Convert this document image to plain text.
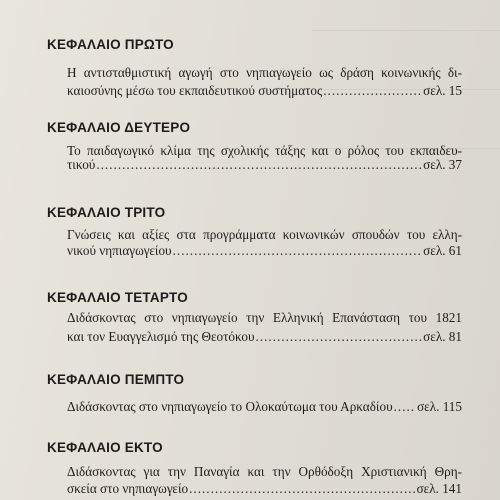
ΚΕΦΑΛΑΙΟ ΠΡΩΤΟ
Η αντισταθμιστική αγωγή στο νηπιαγωγείο ως δράση κοινωνικής δι-
καιοσύνης μέσω του εκπαιδευτικού συστήματος .....	σελ. 15
ΚΕΦΑΛΑΙΟ ΔΕΥΤΕΡΟ
Το παιδαγωγικό κλίμα της σχολικής τάξης και ο ρόλος του εκπαιδευ-
τικού .....	σελ. 37
ΚΕΦΑΛΑΙΟ ΤΡΙΤΟ
Γνώσεις και αξίες στα προγράμματα κοινωνικών σπουδών του ελλη-
νικού νηπιαγωγείου .....	σελ. 61
ΚΕΦΑΛΑΙΟ ΤΕΤΑΡΤΟ
Διδάσκοντας στο νηπιαγωγείο την Ελληνική Επανάσταση του 1821
και τον Ευαγγελισμό της Θεοτόκου .....	σελ. 81
ΚΕΦΑΛΑΙΟ ΠΕΜΠΤΟ
Διδάσκοντας στο νηπιαγωγείο το Ολοκαύτωμα του Αρκαδίου ..... σελ. 115
ΚΕΦΑΛΑΙΟ ΕΚΤΟ
Διδάσκοντας για την Παναγία και την Ορθόδοξη Χριστιανική Θρη-
σκεία στο νηπιαγωγείο .....	σελ. 141
